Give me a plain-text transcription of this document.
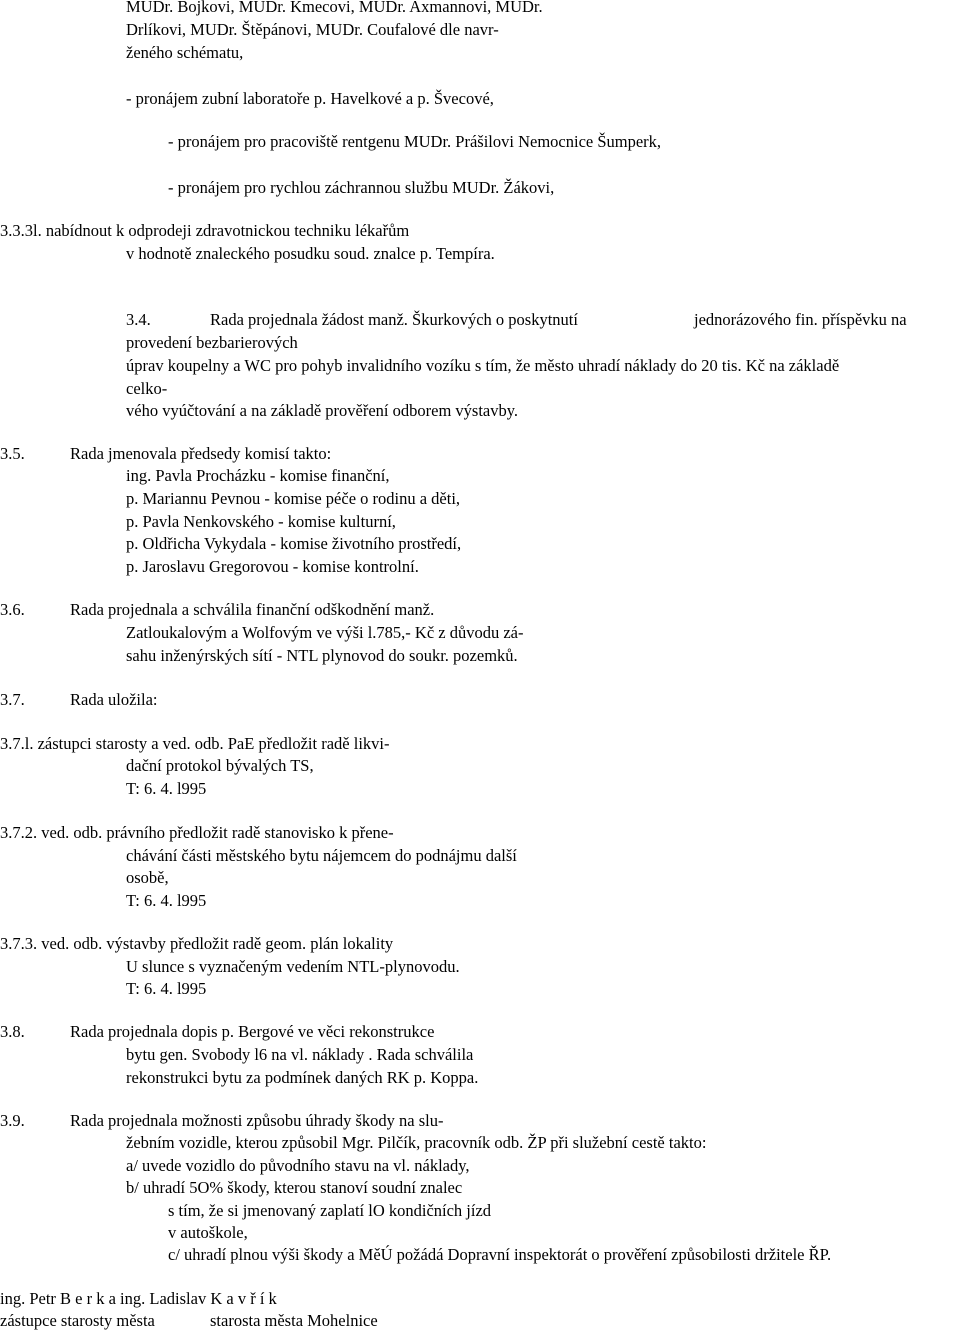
MUDr. Bojkovi, MUDr. Kmecovi, MUDr. Axmannovi, MUDr.
Drlíkovi, MUDr. Štěpánovi, MUDr. Coufalové dle navr-
ženého schématu,
- pronájem zubní laboratoře p. Havelkové a p. Švecové,
- pronájem pro pracoviště rentgenu MUDr. Prášilovi Nemocnice Šumperk,
- pronájem pro rychlou záchrannou službu MUDr. Žákovi,
3.3.3l. nabídnout k odprodeji zdravotnickou techniku lékařům
v hodnotě znaleckého posudku soud. znalce p. Tempíra.
3.4.	Rada projednala žádost manž. Škurkových o poskytnutí	jednorázového fin. příspěvku na
provedení bezbarierových
úprav koupelny a WC pro pohyb invalidního vozíku s tím, že město uhradí náklady do 20 tis. Kč na základě
celko-
vého vyúčtování a na základě prověření odborem výstavby.
3.5.	Rada jmenovala předsedy komisí takto:
ing. Pavla Procházku - komise finanční,
p. Mariannu Pevnou - komise péče o rodinu a děti,
p. Pavla Nenkovského - komise kulturní,
p. Oldřicha Vykydala - komise životního prostředí,
p. Jaroslavu Gregorovou - komise kontrolní.
3.6.	Rada projednala a schválila finanční odškodnění manž.
Zatloukalovým a Wolfovým ve výši l.785,- Kč z důvodu zá-
sahu inženýrských sítí - NTL plynovod do soukr. pozemků.
3.7.	Rada uložila:
3.7.l. zástupci starosty a ved. odb. PaE předložit radě likvi-
dační protokol bývalých TS,
T: 6. 4. l995
3.7.2. ved. odb. právního předložit radě stanovisko k přene-
chávání části městského bytu nájemcem do podnájmu další
osobě,
T: 6. 4. l995
3.7.3. ved. odb. výstavby předložit radě geom. plán lokality
U slunce s vyznačeným vedením NTL-plynovodu.
T: 6. 4. l995
3.8.	Rada projednala dopis p. Bergové ve věci rekonstrukce
bytu gen. Svobody l6 na vl. náklady . Rada schválila
rekonstrukci bytu za podmínek daných RK p. Koppa.
3.9.	Rada projednala možnosti způsobu úhrady škody na slu-
žebním vozidle, kterou způsobil Mgr. Pilčík, pracovník odb. ŽP při služební cestě takto:
a/ uvede vozidlo do původního stavu na vl. náklady,
b/ uhradí 5O% škody, kterou stanoví soudní znalec
s tím, že si jmenovaný zaplatí lO kondičních jízd
v autoškole,
c/ uhradí plnou výši škody a MěÚ požádá Dopravní inspektorát o prověření způsobilosti držitele ŘP.
ing. Petr B e r k a ing. Ladislav K a v ř í k
zástupce starosty města	starosta města Mohelnice
